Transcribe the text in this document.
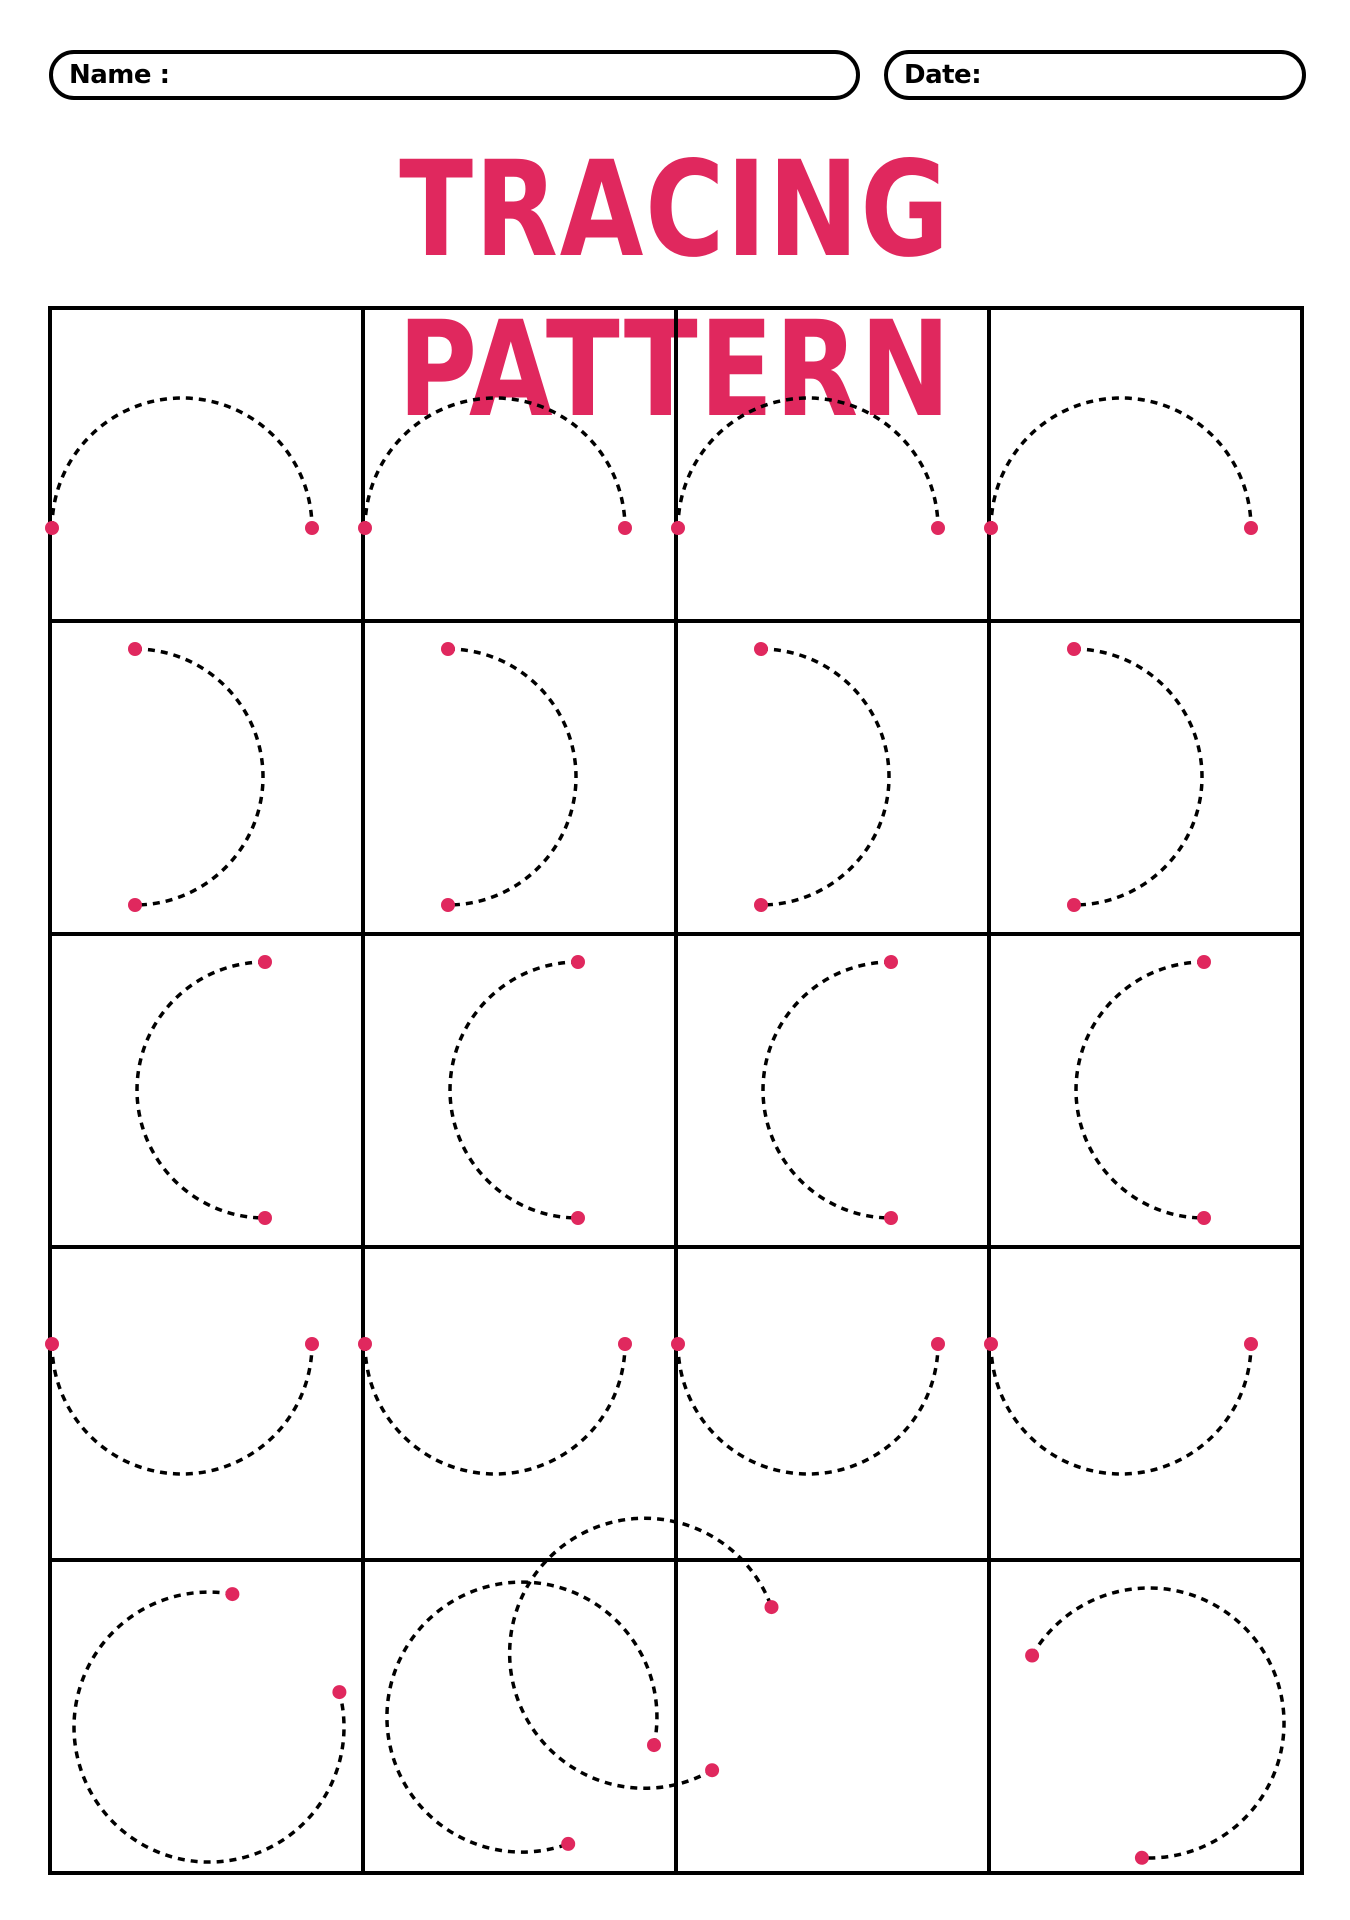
Name :	Date:
TRACING PATTERN
